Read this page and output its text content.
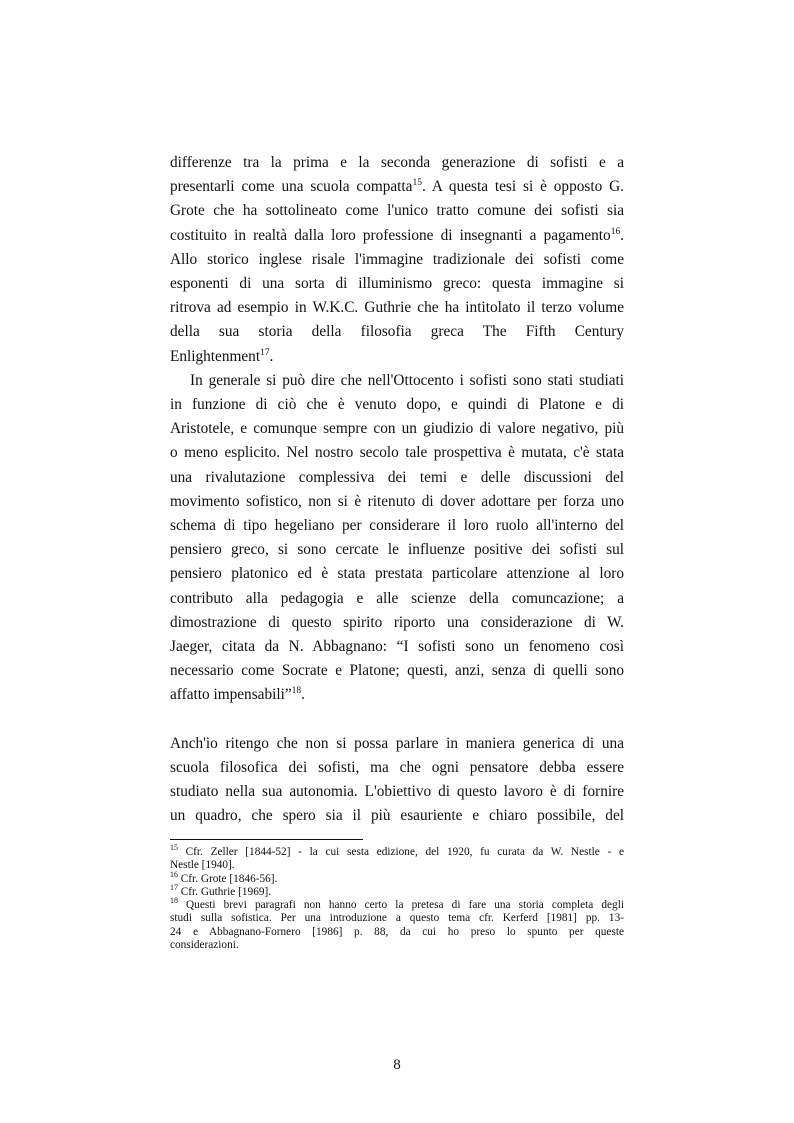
differenze tra la prima e la seconda generazione di sofisti e a

presentarli come una scuola compatta$^{15}$. A questa tesi si è opposto G.

Grote che ha sottolineato come l'unico tratto comune dei sofisti sia

costituito in realtà dalla loro professione di insegnanti a pagamento$^{16}$.

Allo storico inglese risale l'immagine tradizionale dei sofisti come

esponenti di una sorta di illuminismo greco: questa immagine si

ritrova ad esempio in W.K.C. Guthrie che ha intitolato il terzo volume

della sua storia della filosofia greca The Fifth Century

Enlightenment$^{17}$.

In generale si può dire che nell'Ottocento i sofisti sono stati studiati

in funzione di ciò che è venuto dopo, e quindi di Platone e di

Aristotele, e comunque sempre con un giudizio di valore negativo, più

o meno esplicito. Nel nostro secolo tale prospettiva è mutata, c'è stata

una rivalutazione complessiva dei temi e delle discussioni del

movimento sofistico, non si è ritenuto di dover adottare per forza uno

schema di tipo hegeliano per considerare il loro ruolo all'interno del

pensiero greco, si sono cercate le influenze positive dei sofisti sul

pensiero platonico ed è stata prestata particolare attenzione al loro

contributo alla pedagogia e alle scienze della comuncazione; a

dimostrazione di questo spirito riporto una considerazione di W.

Jaeger, citata da N. Abbagnano: “I sofisti sono un fenomeno così

necessario come Socrate e Platone; questi, anzi, senza di quelli sono

affatto impensabili”$^{18}$.

Anch'io ritengo che non si possa parlare in maniera generica di una

scuola filosofica dei sofisti, ma che ogni pensatore debba essere

studiato nella sua autonomia. L'obiettivo di questo lavoro è di fornire

un quadro, che spero sia il più esauriente e chiaro possibile, del

$^{15}$ Cfr. Zeller [1844-52] - la cui sesta edizione, del 1920, fu curata da W. Nestle - e

Nestle [1940].

$^{16}$ Cfr. Grote [1846-56].

$^{17}$ Cfr. Guthrie [1969].

$^{18}$ Questi brevi paragrafi non hanno certo la pretesa di fare una storia completa degli

studi sulla sofistica. Per una introduzione a questo tema cfr. Kerferd [1981] pp. 13-

24 e Abbagnano-Fornero [1986] p. 88, da cui ho preso lo spunto per queste

considerazioni.

8
